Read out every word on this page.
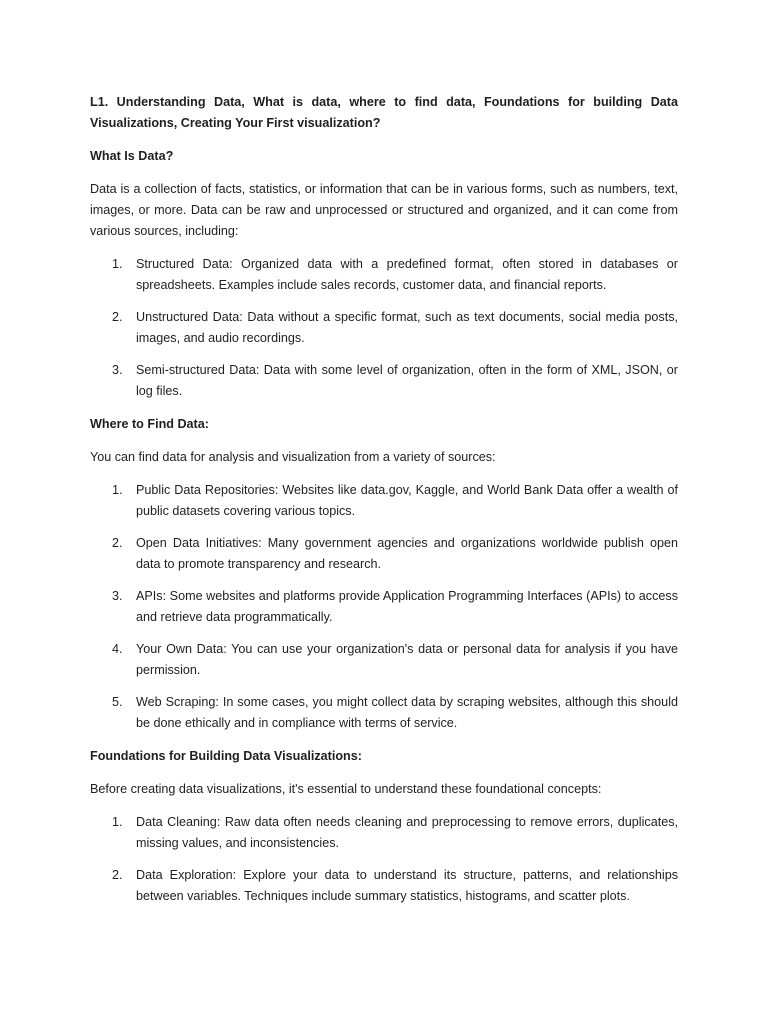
L1. Understanding Data, What is data, where to find data, Foundations for building Data Visualizations, Creating Your First visualization?

What Is Data?

Data is a collection of facts, statistics, or information that can be in various forms, such as numbers, text, images, or more. Data can be raw and unprocessed or structured and organized, and it can come from various sources, including:

1. Structured Data: Organized data with a predefined format, often stored in databases or spreadsheets. Examples include sales records, customer data, and financial reports.
2. Unstructured Data: Data without a specific format, such as text documents, social media posts, images, and audio recordings.
3. Semi-structured Data: Data with some level of organization, often in the form of XML, JSON, or log files.

Where to Find Data:

You can find data for analysis and visualization from a variety of sources:

1. Public Data Repositories: Websites like data.gov, Kaggle, and World Bank Data offer a wealth of public datasets covering various topics.
2. Open Data Initiatives: Many government agencies and organizations worldwide publish open data to promote transparency and research.
3. APIs: Some websites and platforms provide Application Programming Interfaces (APIs) to access and retrieve data programmatically.
4. Your Own Data: You can use your organization's data or personal data for analysis if you have permission.
5. Web Scraping: In some cases, you might collect data by scraping websites, although this should be done ethically and in compliance with terms of service.

Foundations for Building Data Visualizations:

Before creating data visualizations, it's essential to understand these foundational concepts:

1. Data Cleaning: Raw data often needs cleaning and preprocessing to remove errors, duplicates, missing values, and inconsistencies.
2. Data Exploration: Explore your data to understand its structure, patterns, and relationships between variables. Techniques include summary statistics, histograms, and scatter plots.
